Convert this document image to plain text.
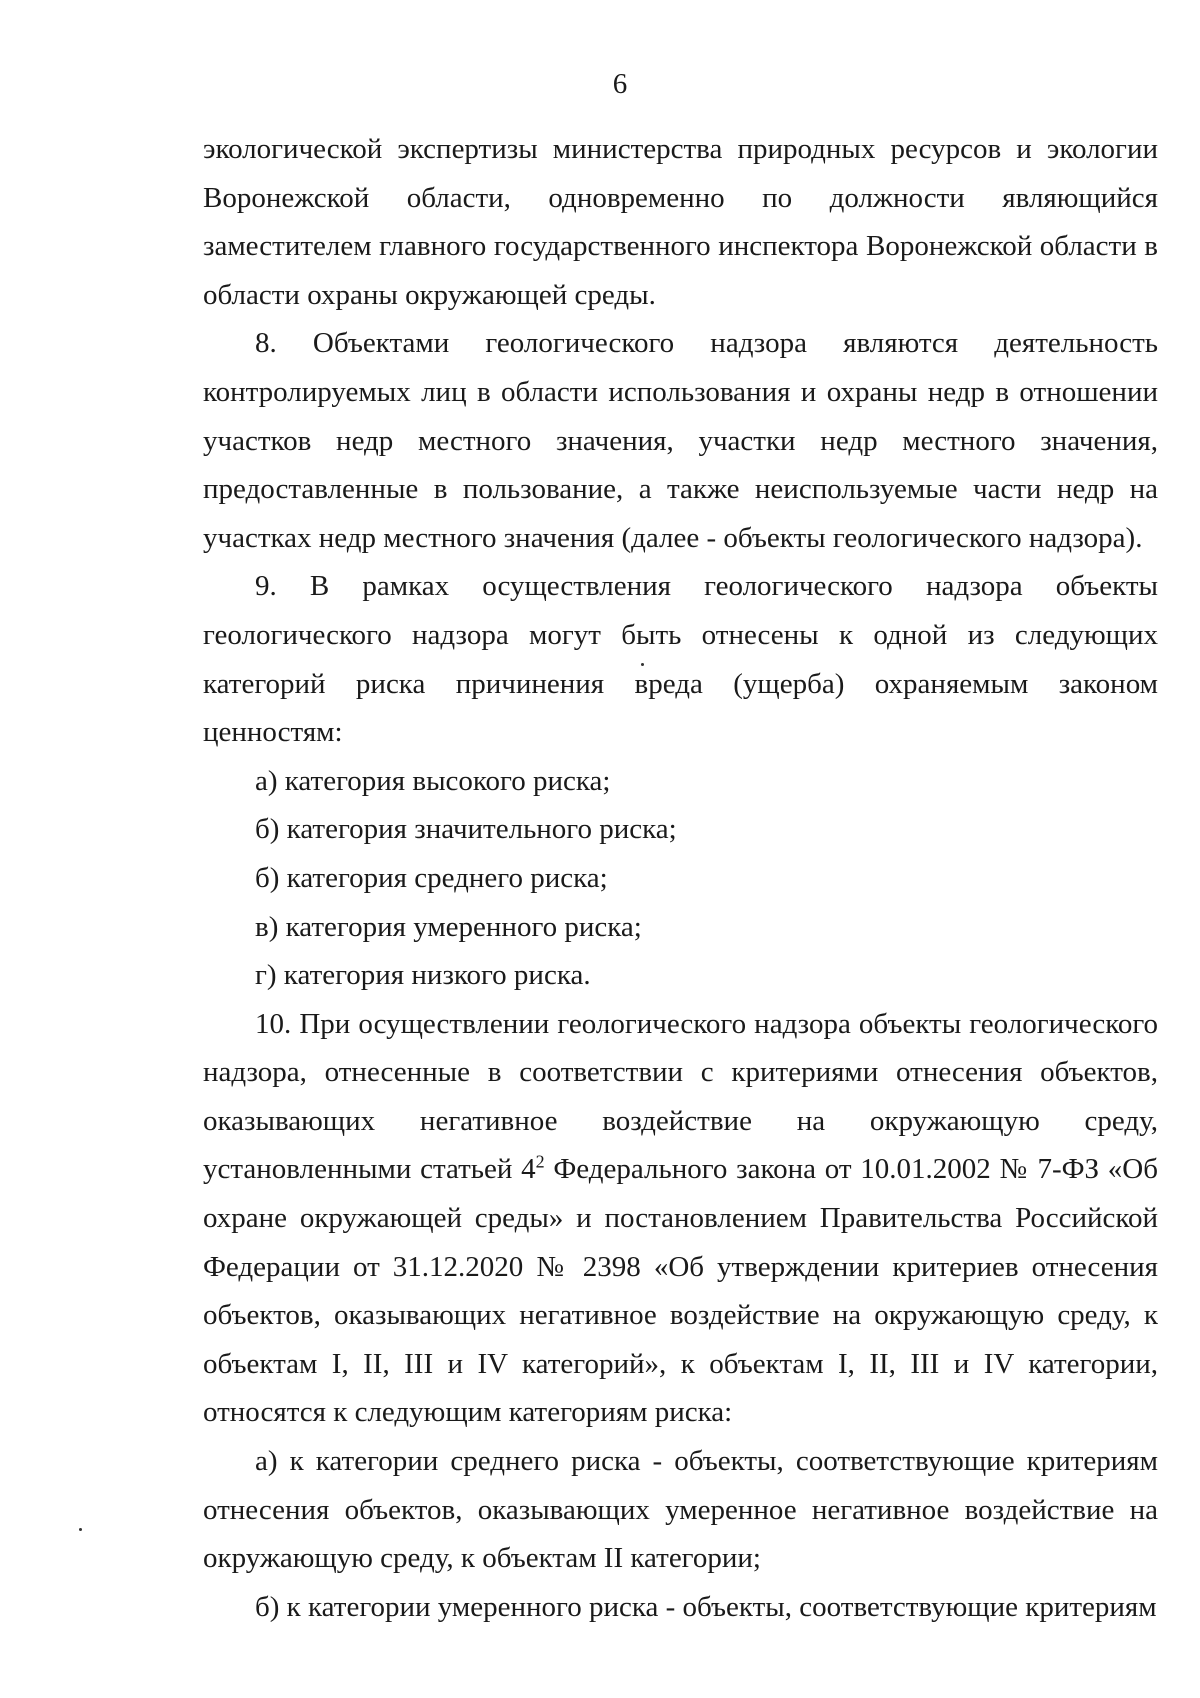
6

экологической экспертизы министерства природных ресурсов и экологии Воронежской области, одновременно по должности являющийся заместителем главного государственного инспектора Воронежской области в области охраны окружающей среды.

8. Объектами геологического надзора являются деятельность контролируемых лиц в области использования и охраны недр в отношении участков недр местного значения, участки недр местного значения, предоставленные в пользование, а также неиспользуемые части недр на участках недр местного значения (далее - объекты геологического надзора).

9. В рамках осуществления геологического надзора объекты геологического надзора могут быть отнесены к одной из следующих категорий риска причинения вреда (ущерба) охраняемым законом ценностям:

а) категория высокого риска;

б) категория значительного риска;

б) категория среднего риска;

в) категория умеренного риска;

г) категория низкого риска.

10. При осуществлении геологического надзора объекты геологического надзора, отнесенные в соответствии с критериями отнесения объектов, оказывающих негативное воздействие на окружающую среду, установленными статьей $4^2$ Федерального закона от 10.01.2002 № 7-ФЗ «Об охране окружающей среды» и постановлением Правительства Российской Федерации от 31.12.2020 № 2398 «Об утверждении критериев отнесения объектов, оказывающих негативное воздействие на окружающую среду, к объектам I, II, III и IV категорий», к объектам I, II, III и IV категории, относятся к следующим категориям риска:

а) к категории среднего риска - объекты, соответствующие критериям отнесения объектов, оказывающих умеренное негативное воздействие на окружающую среду, к объектам II категории;

б) к категории умеренного риска - объекты, соответствующие критериям
